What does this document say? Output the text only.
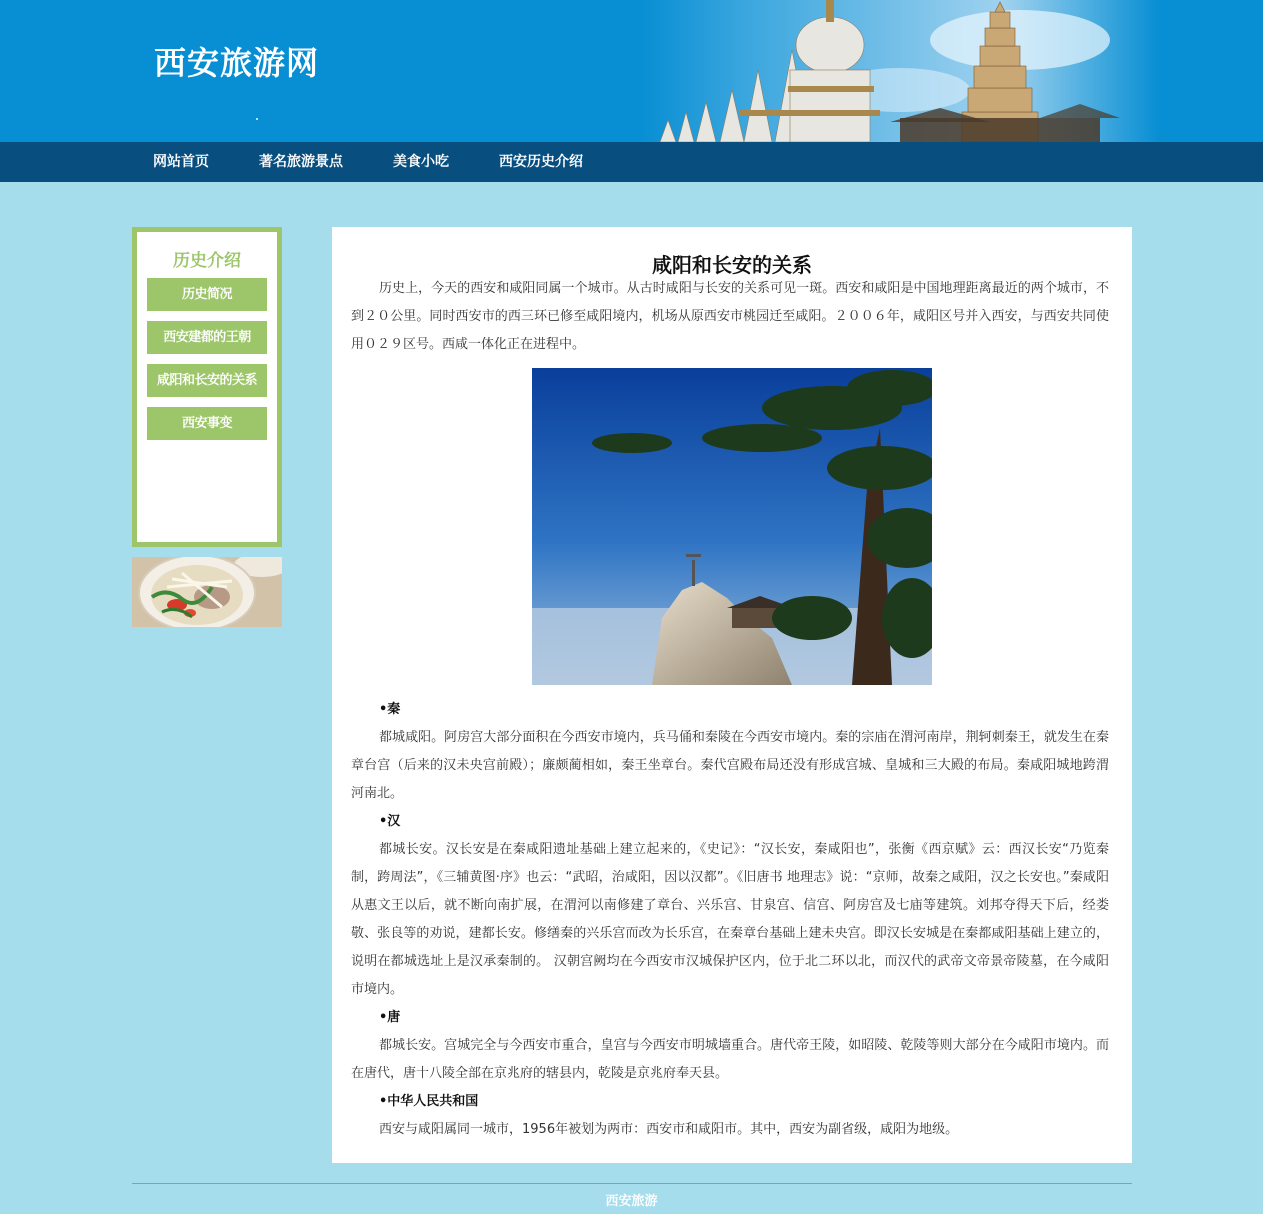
西安旅游网
网站首页	著名旅游景点	美食小吃	西安历史介绍
历史介绍
历史简况
西安建都的王朝
咸阳和长安的关系
西安事变
咸阳和长安的关系
历史上，今天的西安和咸阳同属一个城市。从古时咸阳与长安的关系可见一斑。西安和咸阳是中国地理距离最近的两个城市，不到２０公里。同时西安市的西三环已修至咸阳境内，机场从原西安市桃园迁至咸阳。２００６年，咸阳区号并入西安，与西安共同使用０２９区号。西咸一体化正在进程中。
•秦
都城咸阳。阿房宫大部分面积在今西安市境内，兵马俑和秦陵在今西安市境内。秦的宗庙在渭河南岸，荆轲刺秦王，就发生在秦章台宫（后来的汉未央宫前殿）；廉颇蔺相如，秦王坐章台。秦代宫殿布局还没有形成宫城、皇城和三大殿的布局。秦咸阳城地跨渭河南北。
•汉
都城长安。汉长安是在秦咸阳遗址基础上建立起来的，《史记》：“汉长安，秦咸阳也”，张衡《西京赋》云：西汉长安“乃览秦制，跨周法”，《三辅黄图·序》也云：“武昭，治咸阳，因以汉都”。《旧唐书 地理志》说：“京师，故秦之咸阳，汉之长安也。”秦咸阳从惠文王以后，就不断向南扩展，在渭河以南修建了章台、兴乐宫、甘泉宫、信宫、阿房宫及七庙等建筑。刘邦夺得天下后，经娄敬、张良等的劝说，建都长安。修缮秦的兴乐宫而改为长乐宫，在秦章台基础上建未央宫。即汉长安城是在秦都咸阳基础上建立的，说明在都城选址上是汉承秦制的。 汉朝宫阙均在今西安市汉城保护区内，位于北二环以北，而汉代的武帝文帝景帝陵墓，在今咸阳市境内。
•唐
都城长安。宫城完全与今西安市重合，皇宫与今西安市明城墙重合。唐代帝王陵，如昭陵、乾陵等则大部分在今咸阳市境内。而在唐代，唐十八陵全部在京兆府的辖县内，乾陵是京兆府奉天县。
•中华人民共和国
西安与咸阳属同一城市，1956年被划为两市：西安市和咸阳市。其中，西安为副省级，咸阳为地级。
西安旅游
